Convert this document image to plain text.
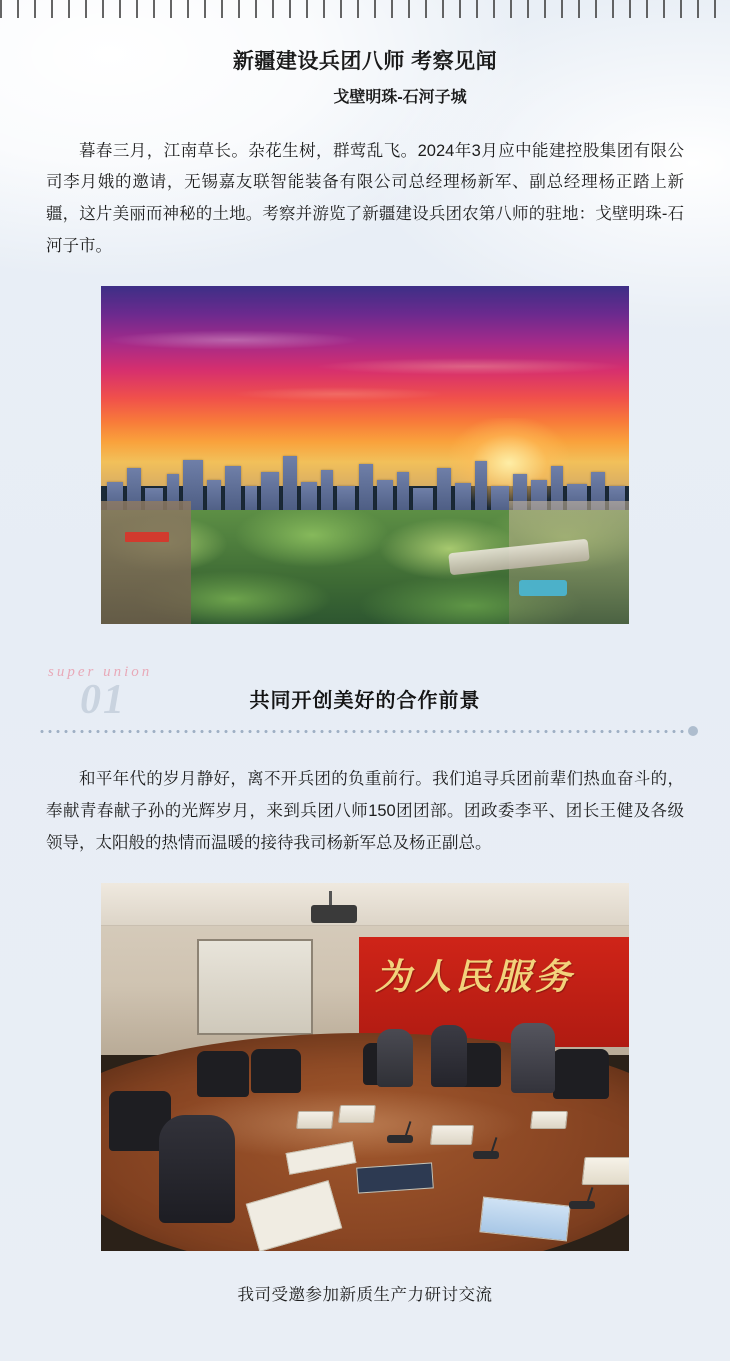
新疆建设兵团八师 考察见闻
戈壁明珠-石河子城
暮春三月，江南草长。杂花生树，群莺乱飞。2024年3月应中能建控股集团有限公司李月娥的邀请，无锡嘉友联智能装备有限公司总经理杨新军、副总经理杨正踏上新疆，这片美丽而神秘的土地。考察并游览了新疆建设兵团农第八师的驻地：戈壁明珠-石河子市。
super union
01	共同开创美好的合作前景
和平年代的岁月静好，离不开兵团的负重前行。我们追寻兵团前辈们热血奋斗的，奉献青春献子孙的光辉岁月，来到兵团八师150团团部。团政委李平、团长王健及各级领导，太阳般的热情而温暖的接待我司杨新军总及杨正副总。
为人民服务
我司受邀参加新质生产力研讨交流
